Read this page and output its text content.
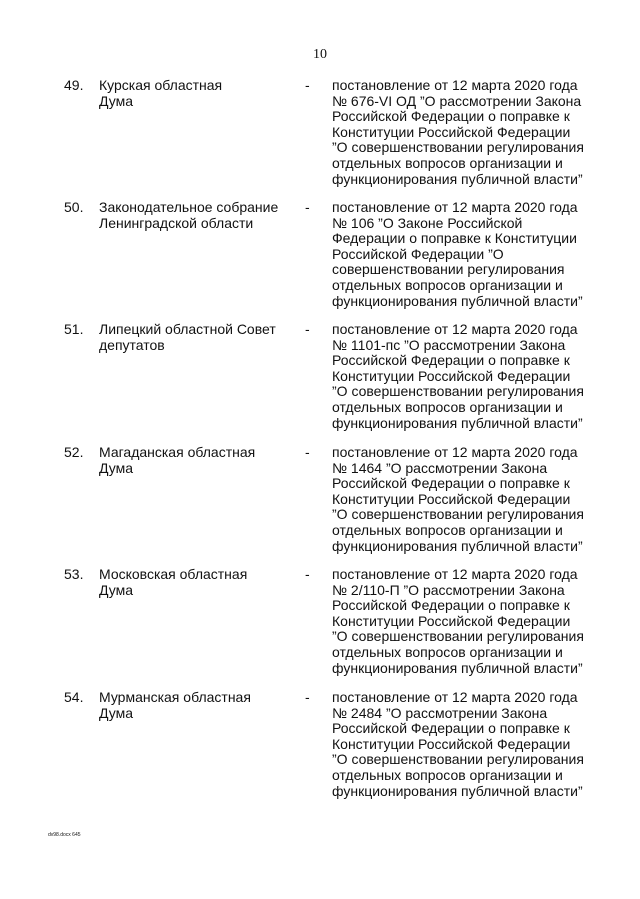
10
49.	Курская областная
Дума
-	постановление от 12 марта 2020 года
№ 676-VI ОД ”О рассмотрении Закона
Российской Федерации о поправке к
Конституции Российской Федерации
”О совершенствовании регулирования
отдельных вопросов организации и
функционирования публичной власти”
50.	Законодательное собрание
Ленинградской области
-	постановление от 12 марта 2020 года
№ 106 ”О Законе Российской
Федерации о поправке к Конституции
Российской Федерации ”О
совершенствовании регулирования
отдельных вопросов организации и
функционирования публичной власти”
51.	Липецкий областной Совет
депутатов
-	постановление от 12 марта 2020 года
№ 1101-пс ”О рассмотрении Закона
Российской Федерации о поправке к
Конституции Российской Федерации
”О совершенствовании регулирования
отдельных вопросов организации и
функционирования публичной власти”
52.	Магаданская областная
Дума
-	постановление от 12 марта 2020 года
№ 1464 ”О рассмотрении Закона
Российской Федерации о поправке к
Конституции Российской Федерации
”О совершенствовании регулирования
отдельных вопросов организации и
функционирования публичной власти”
53.	Московская областная
Дума
-	постановление от 12 марта 2020 года
№ 2/110-П ”О рассмотрении Закона
Российской Федерации о поправке к
Конституции Российской Федерации
”О совершенствовании регулирования
отдельных вопросов организации и
функционирования публичной власти”
54.	Мурманская областная
Дума
-	постановление от 12 марта 2020 года
№ 2484 ”О рассмотрении Закона
Российской Федерации о поправке к
Конституции Российской Федерации
”О совершенствовании регулирования
отдельных вопросов организации и
функционирования публичной власти”
dv98.docx 645
